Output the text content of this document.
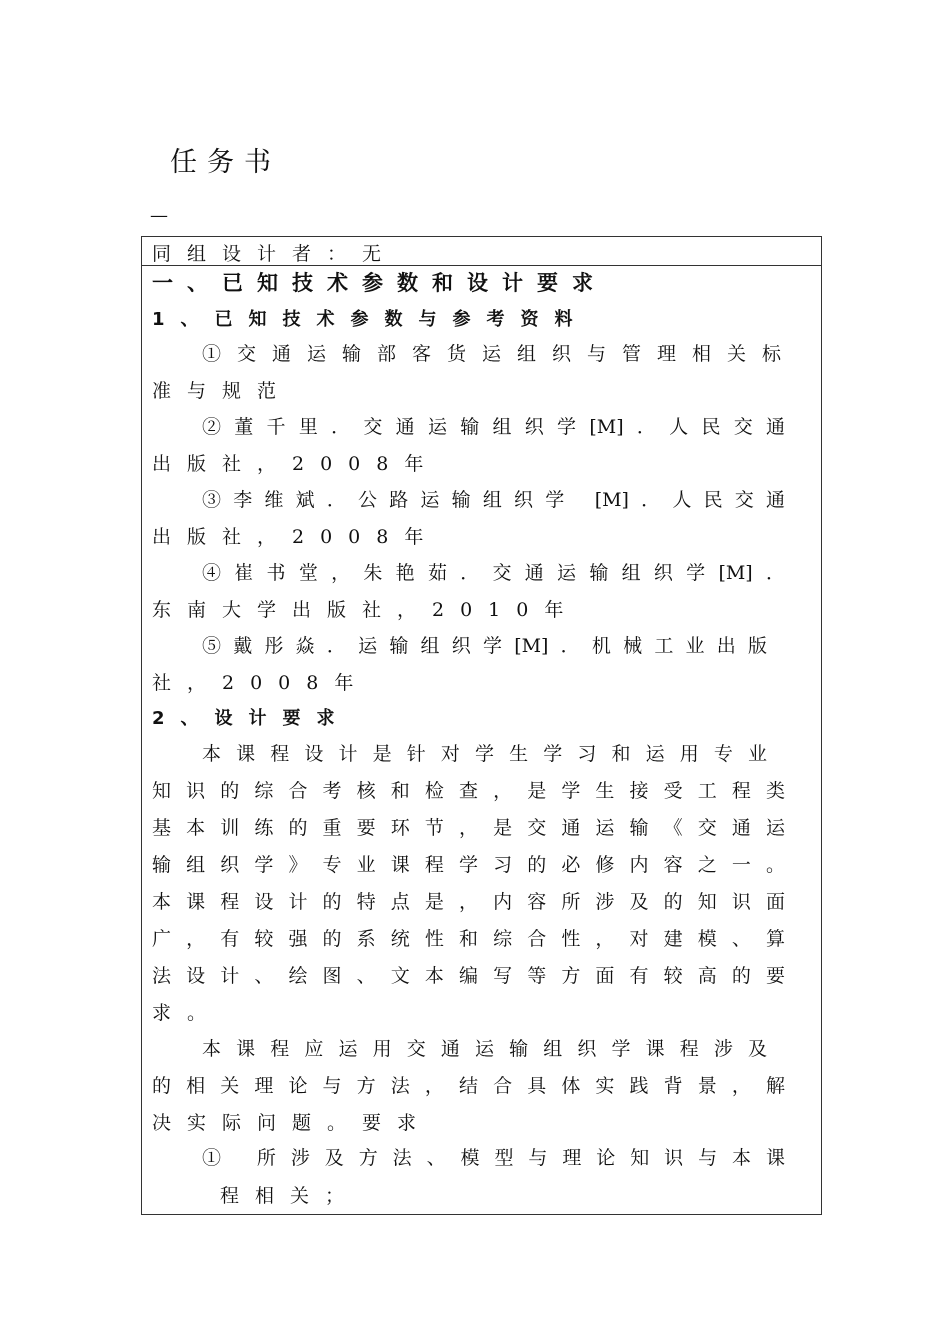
任务书
—
同组设计者：无
一、已知技术参数和设计要求
1、已知技术参数与参考资料
①交通运输部客货运组织与管理相关标
准与规范
②董千里．交通运输组织学[M]．人民交通
出版社，2008年
③李维斌．公路运输组织学 [M]．人民交通
出版社，2008年
④崔书堂，朱艳茹．交通运输组织学[M]．
东南大学出版社，2010年
⑤戴彤焱．运输组织学[M]．机械工业出版
社，2008年
2、设计要求
本课程设计是针对学生学习和运用专业
知识的综合考核和检查，是学生接受工程类
基本训练的重要环节，是交通运输《交通运
输组织学》专业课程学习的必修内容之一。
本课程设计的特点是，内容所涉及的知识面
广，有较强的系统性和综合性，对建模、算
法设计、绘图、文本编写等方面有较高的要
求。
本课程应运用交通运输组织学课程涉及
的相关理论与方法，结合具体实践背景，解
决实际问题。要求
① 所涉及方法、模型与理论知识与本课
程相关；
